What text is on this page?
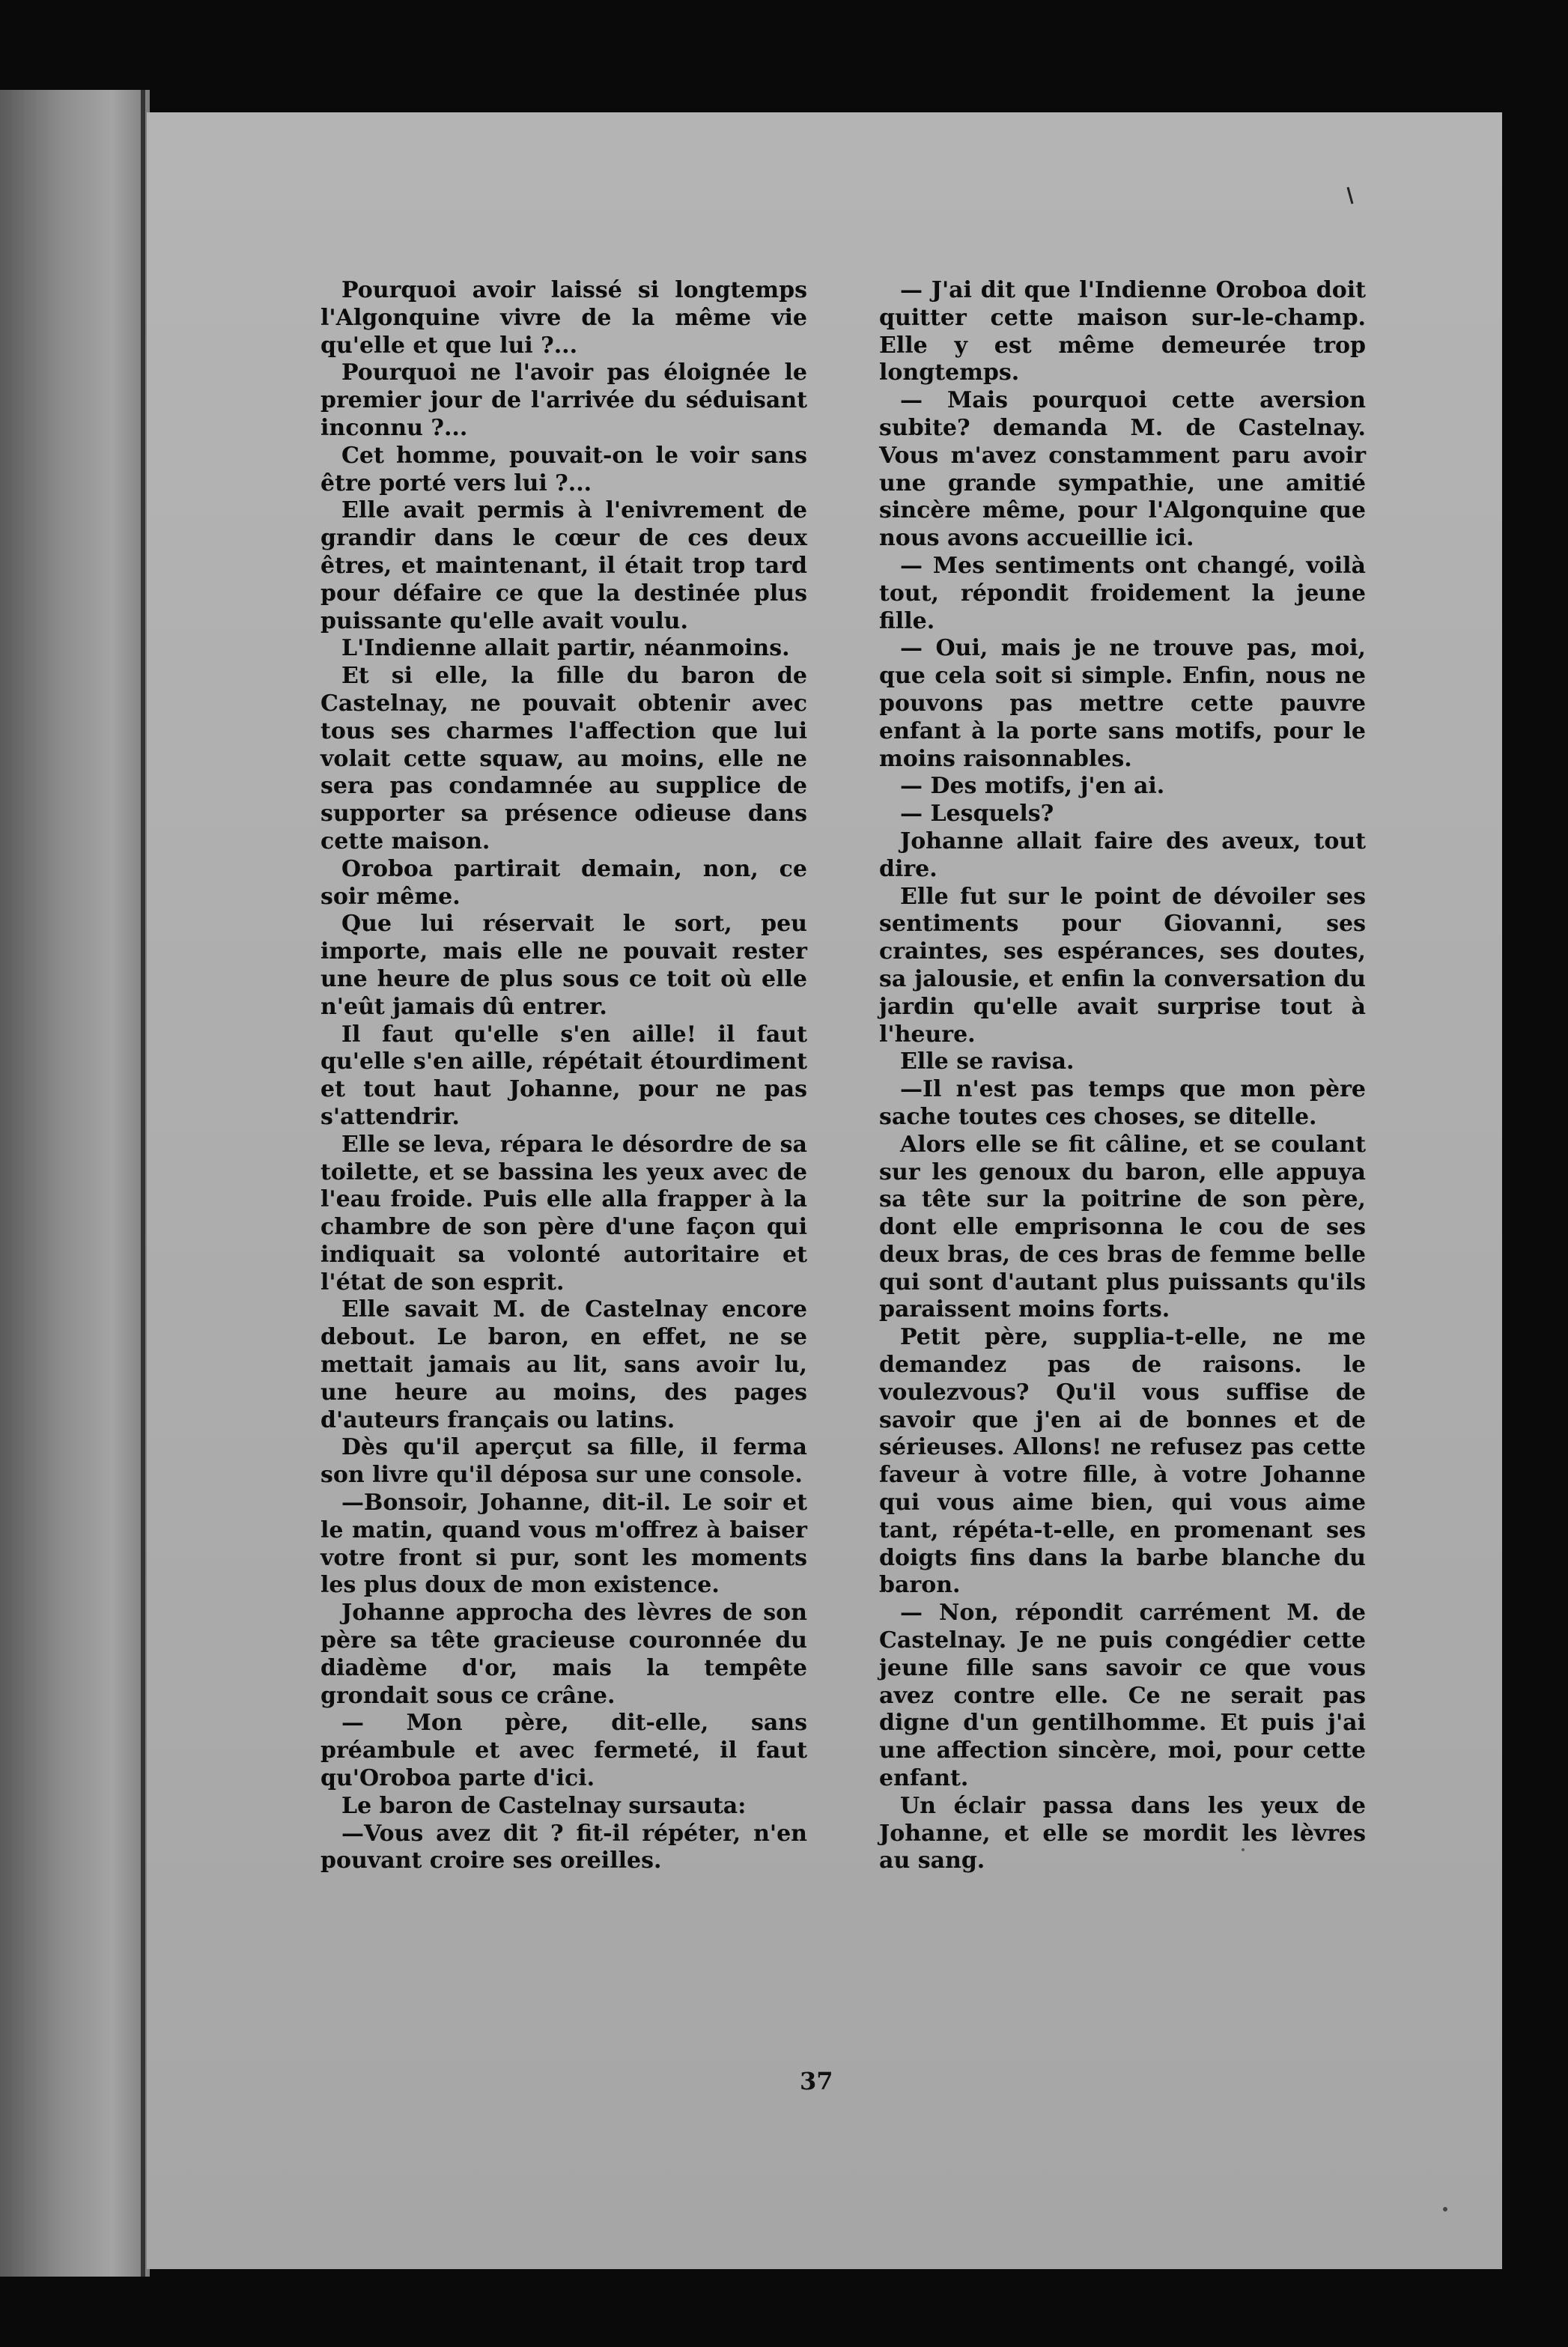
Pourquoi avoir laissé si longtemps l'Algonquine vivre de la même vie qu'elle et que lui ?...

Pourquoi ne l'avoir pas éloignée le premier jour de l'arrivée du séduisant inconnu ?...

Cet homme, pouvait-on le voir sans être porté vers lui ?...

Elle avait permis à l'enivrement de grandir dans le cœur de ces deux êtres, et maintenant, il était trop tard pour défaire ce que la destinée plus puissante qu'elle avait voulu.

L'Indienne allait partir, néanmoins.

Et si elle, la fille du baron de Castelnay, ne pouvait obtenir avec tous ses charmes l'affection que lui volait cette squaw, au moins, elle ne sera pas condamnée au supplice de supporter sa présence odieuse dans cette maison.

Oroboa partirait demain, non, ce soir même.

Que lui réservait le sort, peu importe, mais elle ne pouvait rester une heure de plus sous ce toit où elle n'eût jamais dû entrer.

Il faut qu'elle s'en aille! il faut qu'elle s'en aille, répétait étourdiment et tout haut Johanne, pour ne pas s'attendrir.

Elle se leva, répara le désordre de sa toilette, et se bassina les yeux avec de l'eau froide. Puis elle alla frapper à la chambre de son père d'une façon qui indiquait sa volonté autoritaire et l'état de son esprit.

Elle savait M. de Castelnay encore debout. Le baron, en effet, ne se mettait jamais au lit, sans avoir lu, une heure au moins, des pages d'auteurs français ou latins.

Dès qu'il aperçut sa fille, il ferma son livre qu'il déposa sur une console.

—Bonsoir, Johanne, dit-il. Le soir et le matin, quand vous m'offrez à baiser votre front si pur, sont les moments les plus doux de mon existence.

Johanne approcha des lèvres de son père sa tête gracieuse couronnée du diadème d'or, mais la tempête grondait sous ce crâne.

— Mon père, dit-elle, sans préambule et avec fermeté, il faut qu'Oroboa parte d'ici.

Le baron de Castelnay sursauta:

—Vous avez dit ? fit-il répéter, n'en pouvant croire ses oreilles.

— J'ai dit que l'Indienne Oroboa doit quitter cette maison sur-le-champ. Elle y est même demeurée trop longtemps.

— Mais pourquoi cette aversion subite? demanda M. de Castelnay. Vous m'avez constamment paru avoir une grande sympathie, une amitié sincère même, pour l'Algonquine que nous avons accueillie ici.

— Mes sentiments ont changé, voilà tout, répondit froidement la jeune fille.

— Oui, mais je ne trouve pas, moi, que cela soit si simple. Enfin, nous ne pouvons pas mettre cette pauvre enfant à la porte sans motifs, pour le moins raisonnables.

— Des motifs, j'en ai.

— Lesquels?

Johanne allait faire des aveux, tout dire.

Elle fut sur le point de dévoiler ses sentiments pour Giovanni, ses craintes, ses espérances, ses doutes, sa jalousie, et enfin la conversation du jardin qu'elle avait surprise tout à l'heure.

Elle se ravisa.

—Il n'est pas temps que mon père sache toutes ces choses, se ditelle.

Alors elle se fit câline, et se coulant sur les genoux du baron, elle appuya sa tête sur la poitrine de son père, dont elle emprisonna le cou de ses deux bras, de ces bras de femme belle qui sont d'autant plus puissants qu'ils paraissent moins forts.

Petit père, supplia-t-elle, ne me demandez pas de raisons. le voulezvous? Qu'il vous suffise de savoir que j'en ai de bonnes et de sérieuses. Allons! ne refusez pas cette faveur à votre fille, à votre Johanne qui vous aime bien, qui vous aime tant, répéta-t-elle, en promenant ses doigts fins dans la barbe blanche du baron.

— Non, répondit carrément M. de Castelnay. Je ne puis congédier cette jeune fille sans savoir ce que vous avez contre elle. Ce ne serait pas digne d'un gentilhomme. Et puis j'ai une affection sincère, moi, pour cette enfant.

Un éclair passa dans les yeux de Johanne, et elle se mordit les lèvres au sang.

37
